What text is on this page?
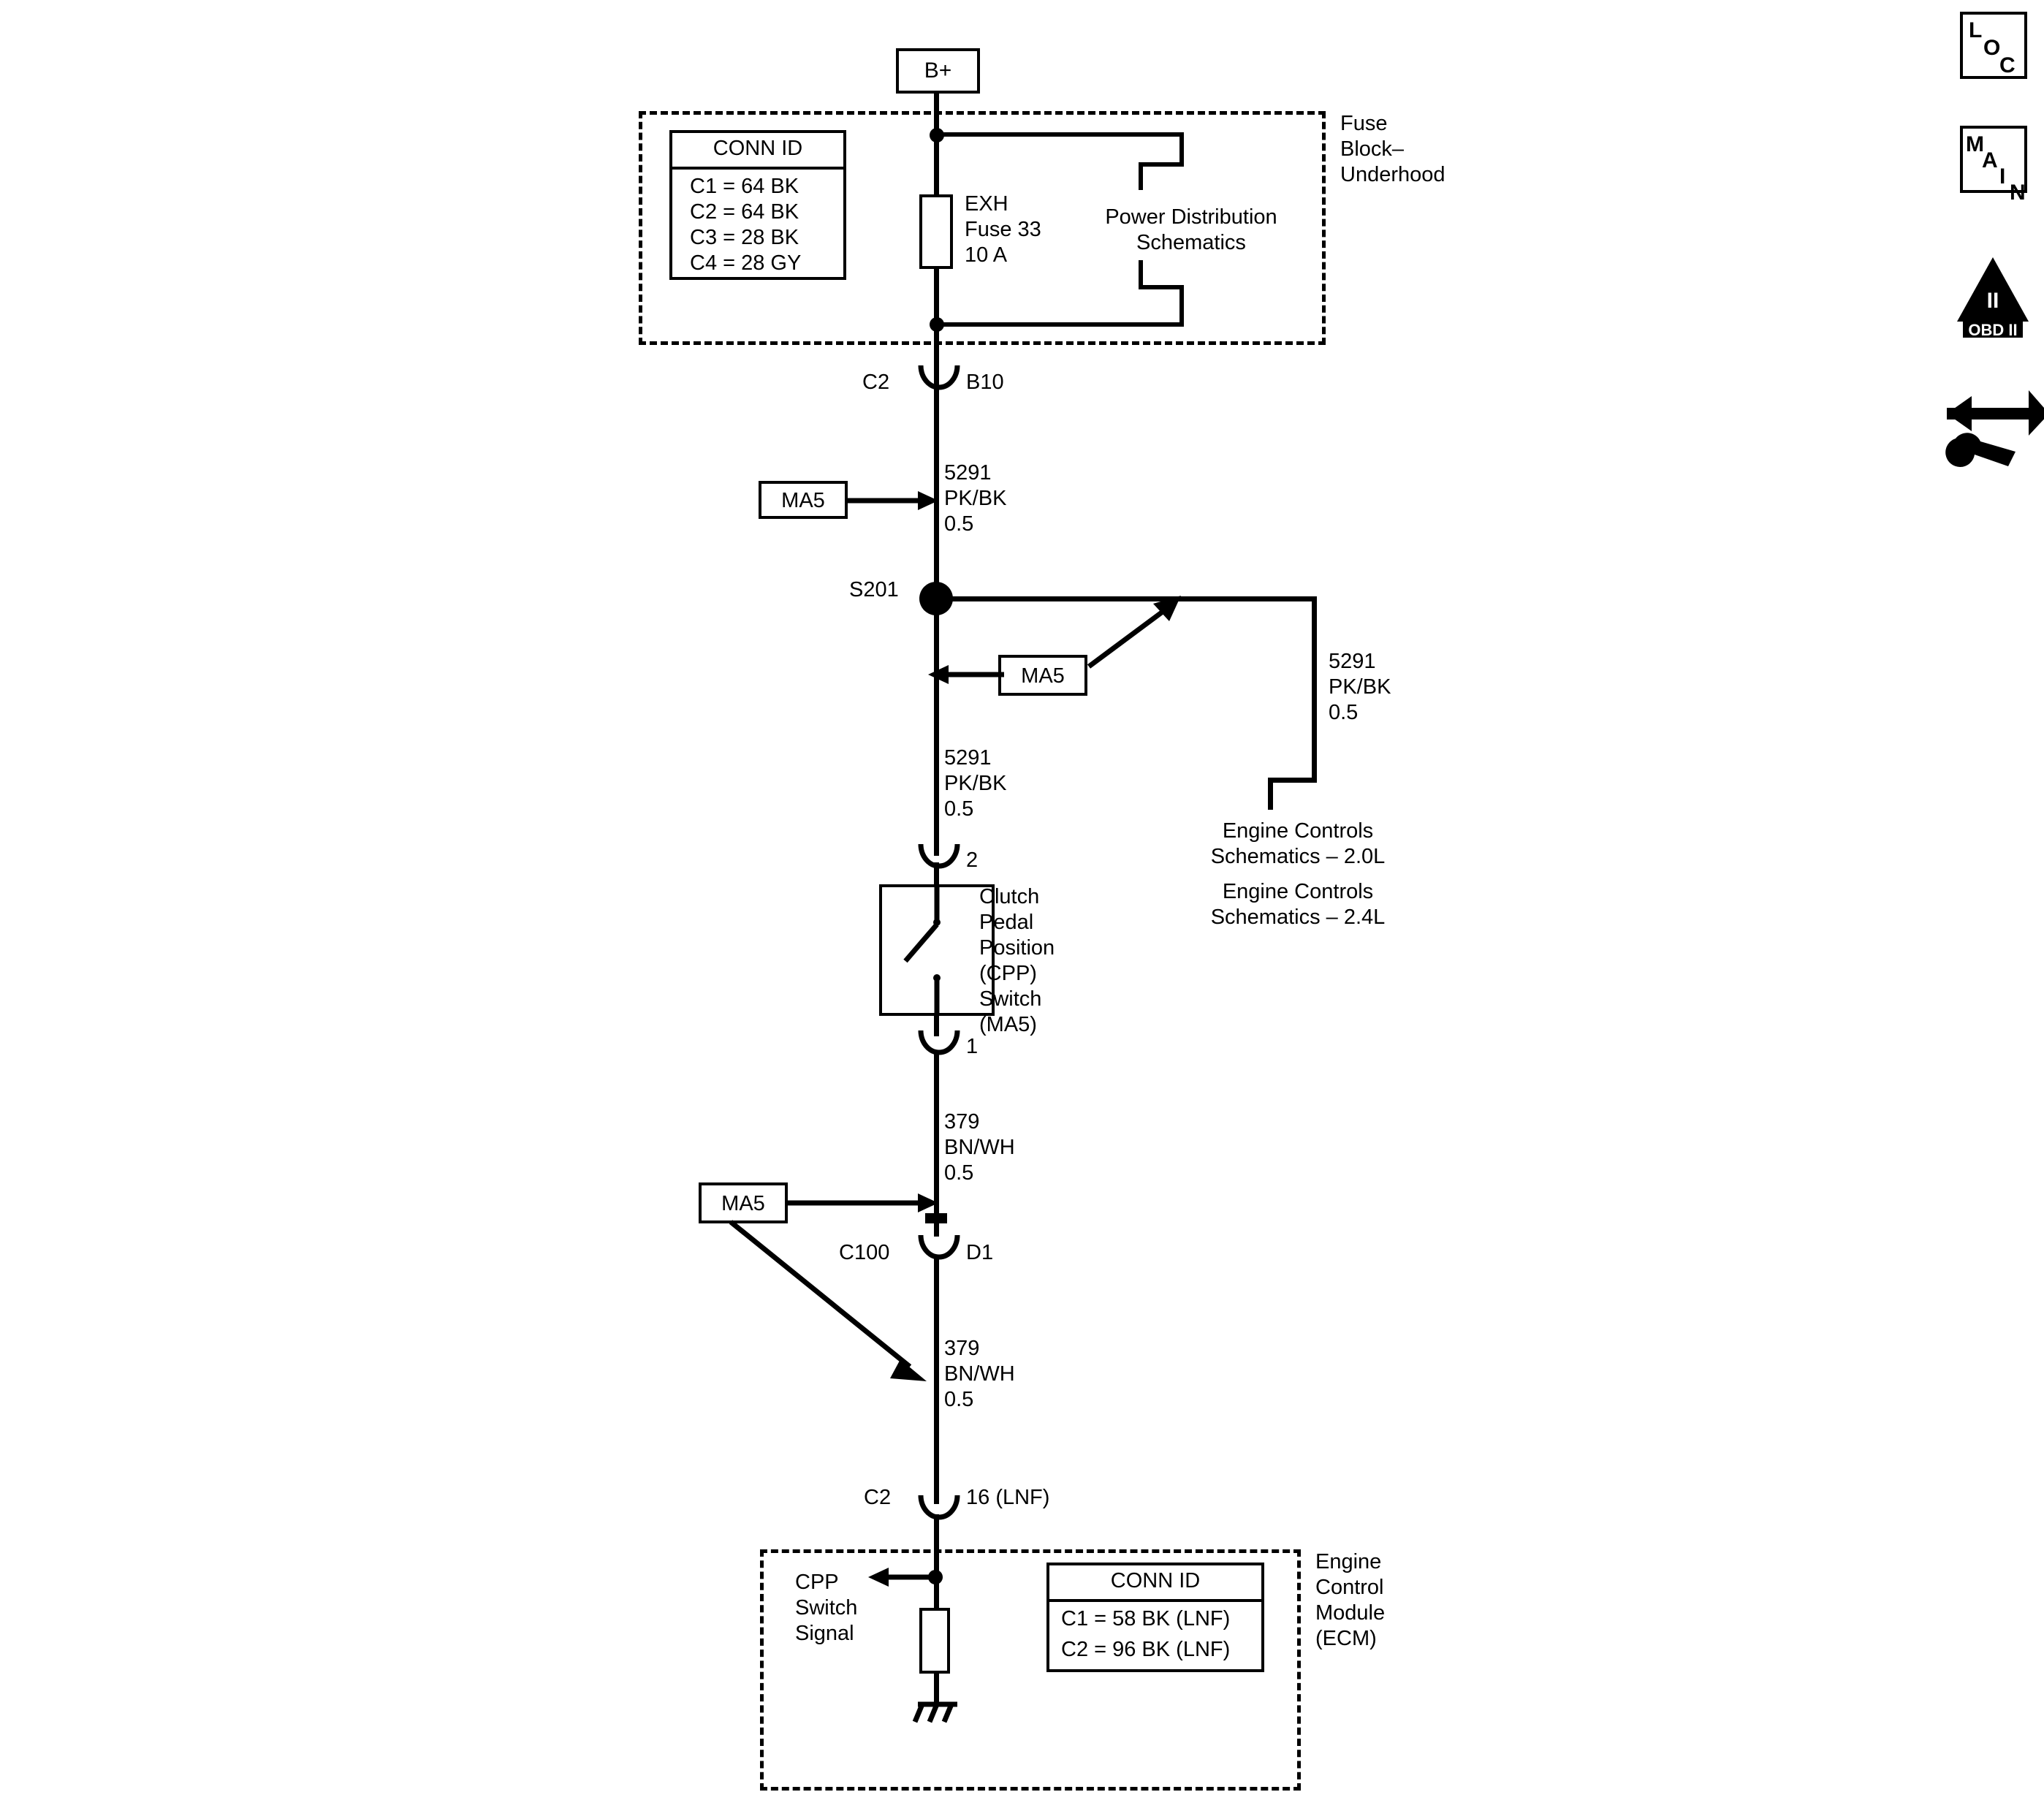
B+
Fuse
Block–
Underhood
CONN ID
C1 = 64 BK
C2 = 64 BK
C3 = 28 BK
C4 = 28 GY
EXH
Fuse 33
10 A
Power Distribution
Schematics
C2	B10
5291
PK/BK
0.5
MA5
S201
5291
PK/BK
0.5
Engine Controls
Schematics – 2.0L
Engine Controls
Schematics – 2.4L
MA5
5291
PK/BK
0.5
2
Clutch
Pedal
Position
(CPP)
Switch
(MA5)
1
379
BN/WH
0.5
MA5
C100	D1
379
BN/WH
0.5
C2	16 (LNF)
Engine
Control
Module
(ECM)
CPP
Switch
Signal
CONN ID
C1 = 58 BK (LNF)
C2 = 96 BK (LNF)
L
O
C
M
A
I
N
II
OBD II
